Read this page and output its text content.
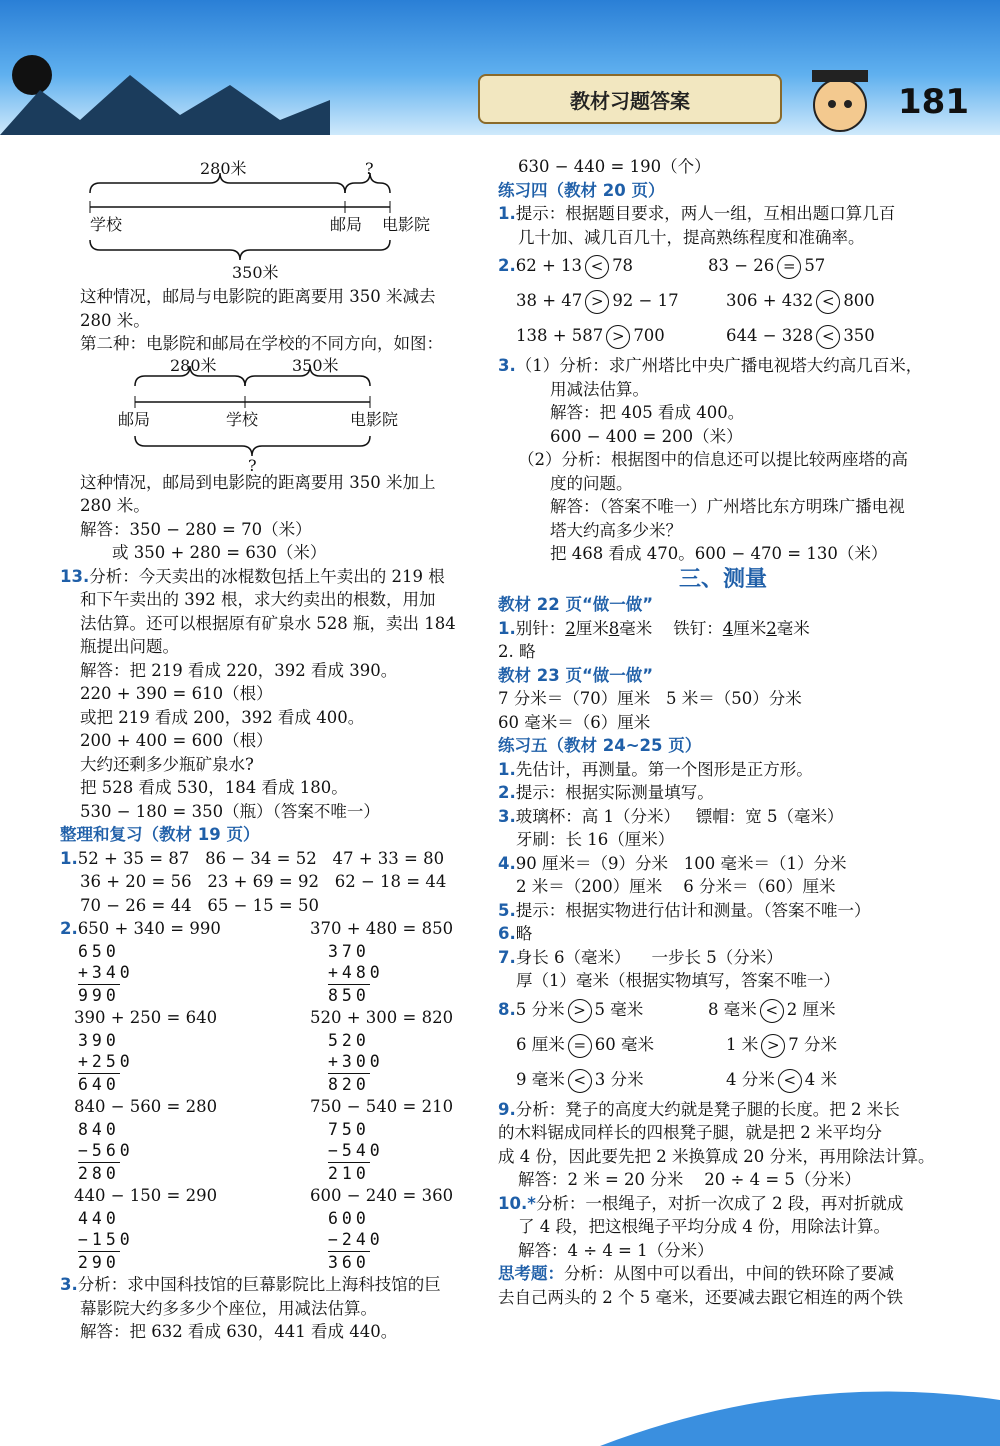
教材习题答案	181
280米	?
学校	邮局 电影院
350米
这种情况，邮局与电影院的距离要用 350 米减去
280 米。
第二种：电影院和邮局在学校的不同方向，如图：
280米	350米
邮局	学校	电影院
?
这种情况，邮局到电影院的距离要用 350 米加上
280 米。
解答：350 − 280 = 70（米）
或 350 + 280 = 630（米）
13.分析：今天卖出的冰棍数包括上午卖出的 219 根
和下午卖出的 392 根，求大约卖出的根数，用加
法估算。还可以根据原有矿泉水 528 瓶，卖出 184
瓶提出问题。
解答：把 219 看成 220，392 看成 390。
220 + 390 = 610（根）
或把 219 看成 200，392 看成 400。
200 + 400 = 600（根）
大约还剩多少瓶矿泉水?
把 528 看成 530，184 看成 180。
530 − 180 = 350（瓶）（答案不唯一）
整理和复习（教材 19 页）
1.52 + 35 = 87   86 − 34 = 52   47 + 33 = 80
36 + 20 = 56   23 + 69 = 92   62 − 18 = 44
70 − 26 = 44   65 − 15 = 50
2.650 + 340 = 990
650
+340
990
370 + 480 = 850
370
+480
850
390 + 250 = 640
390
+250
640
520 + 300 = 820
520
+300
820
840 − 560 = 280
840
−560
280
750 − 540 = 210
750
−540
210
440 − 150 = 290
440
−150
290
600 − 240 = 360
600
−240
360
3.分析：求中国科技馆的巨幕影院比上海科技馆的巨
幕影院大约多多少个座位，用减法估算。
解答：把 632 看成 630，441 看成 440。
630 − 440 = 190（个）
练习四（教材 20 页）
1.提示：根据题目要求，两人一组，互相出题口算几百
几十加、减几百几十，提高熟练程度和准确率。
2.62 + 13 < 78	83 − 26 = 57
38 + 47 > 92 − 17	306 + 432 < 800
138 + 587 > 700	644 − 328 < 350
3.（1）分析：求广州塔比中央广播电视塔大约高几百米，
用减法估算。
解答：把 405 看成 400。
600 − 400 = 200（米）
（2）分析：根据图中的信息还可以提比较两座塔的高
度的问题。
解答：（答案不唯一）广州塔比东方明珠广播电视
塔大约高多少米？
把 468 看成 470。600 − 470 = 130（米）
三、测量
教材 22 页“做一做”
1.别针：2厘米8毫米    铁钉：4厘米2毫米
2. 略
教材 23 页“做一做”
7 分米＝（70）厘米   5 米＝（50）分米
60 毫米＝（6）厘米
练习五（教材 24~25 页）
1.先估计，再测量。第一个图形是正方形。
2.提示：根据实际测量填写。
3.玻璃杯：高 1（分米）   镖帽：宽 5（毫米）
牙刷：长 16（厘米）
4.90 厘米＝（9）分米   100 毫米＝（1）分米
2 米＝（200）厘米    6 分米＝（60）厘米
5.提示：根据实物进行估计和测量。（答案不唯一）
6.略
7.身长 6（毫米）    一步长 5（分米）
厚（1）毫米（根据实物填写，答案不唯一）
8.5 分米 > 5 毫米	8 毫米 < 2 厘米
6 厘米 = 60 毫米	1 米 > 7 分米
9 毫米 < 3 分米	4 分米 < 4 米
9.分析：凳子的高度大约就是凳子腿的长度。把 2 米长
的木料锯成同样长的四根凳子腿，就是把 2 米平均分
成 4 份，因此要先把 2 米换算成 20 分米，再用除法计算。
解答：2 米 = 20 分米    20 ÷ 4 = 5（分米）
10.*分析：一根绳子，对折一次成了 2 段，再对折就成
了 4 段，把这根绳子平均分成 4 份，用除法计算。
解答：4 ÷ 4 = 1（分米）
思考题：分析：从图中可以看出，中间的铁环除了要减
去自己两头的 2 个 5 毫米，还要减去跟它相连的两个铁
